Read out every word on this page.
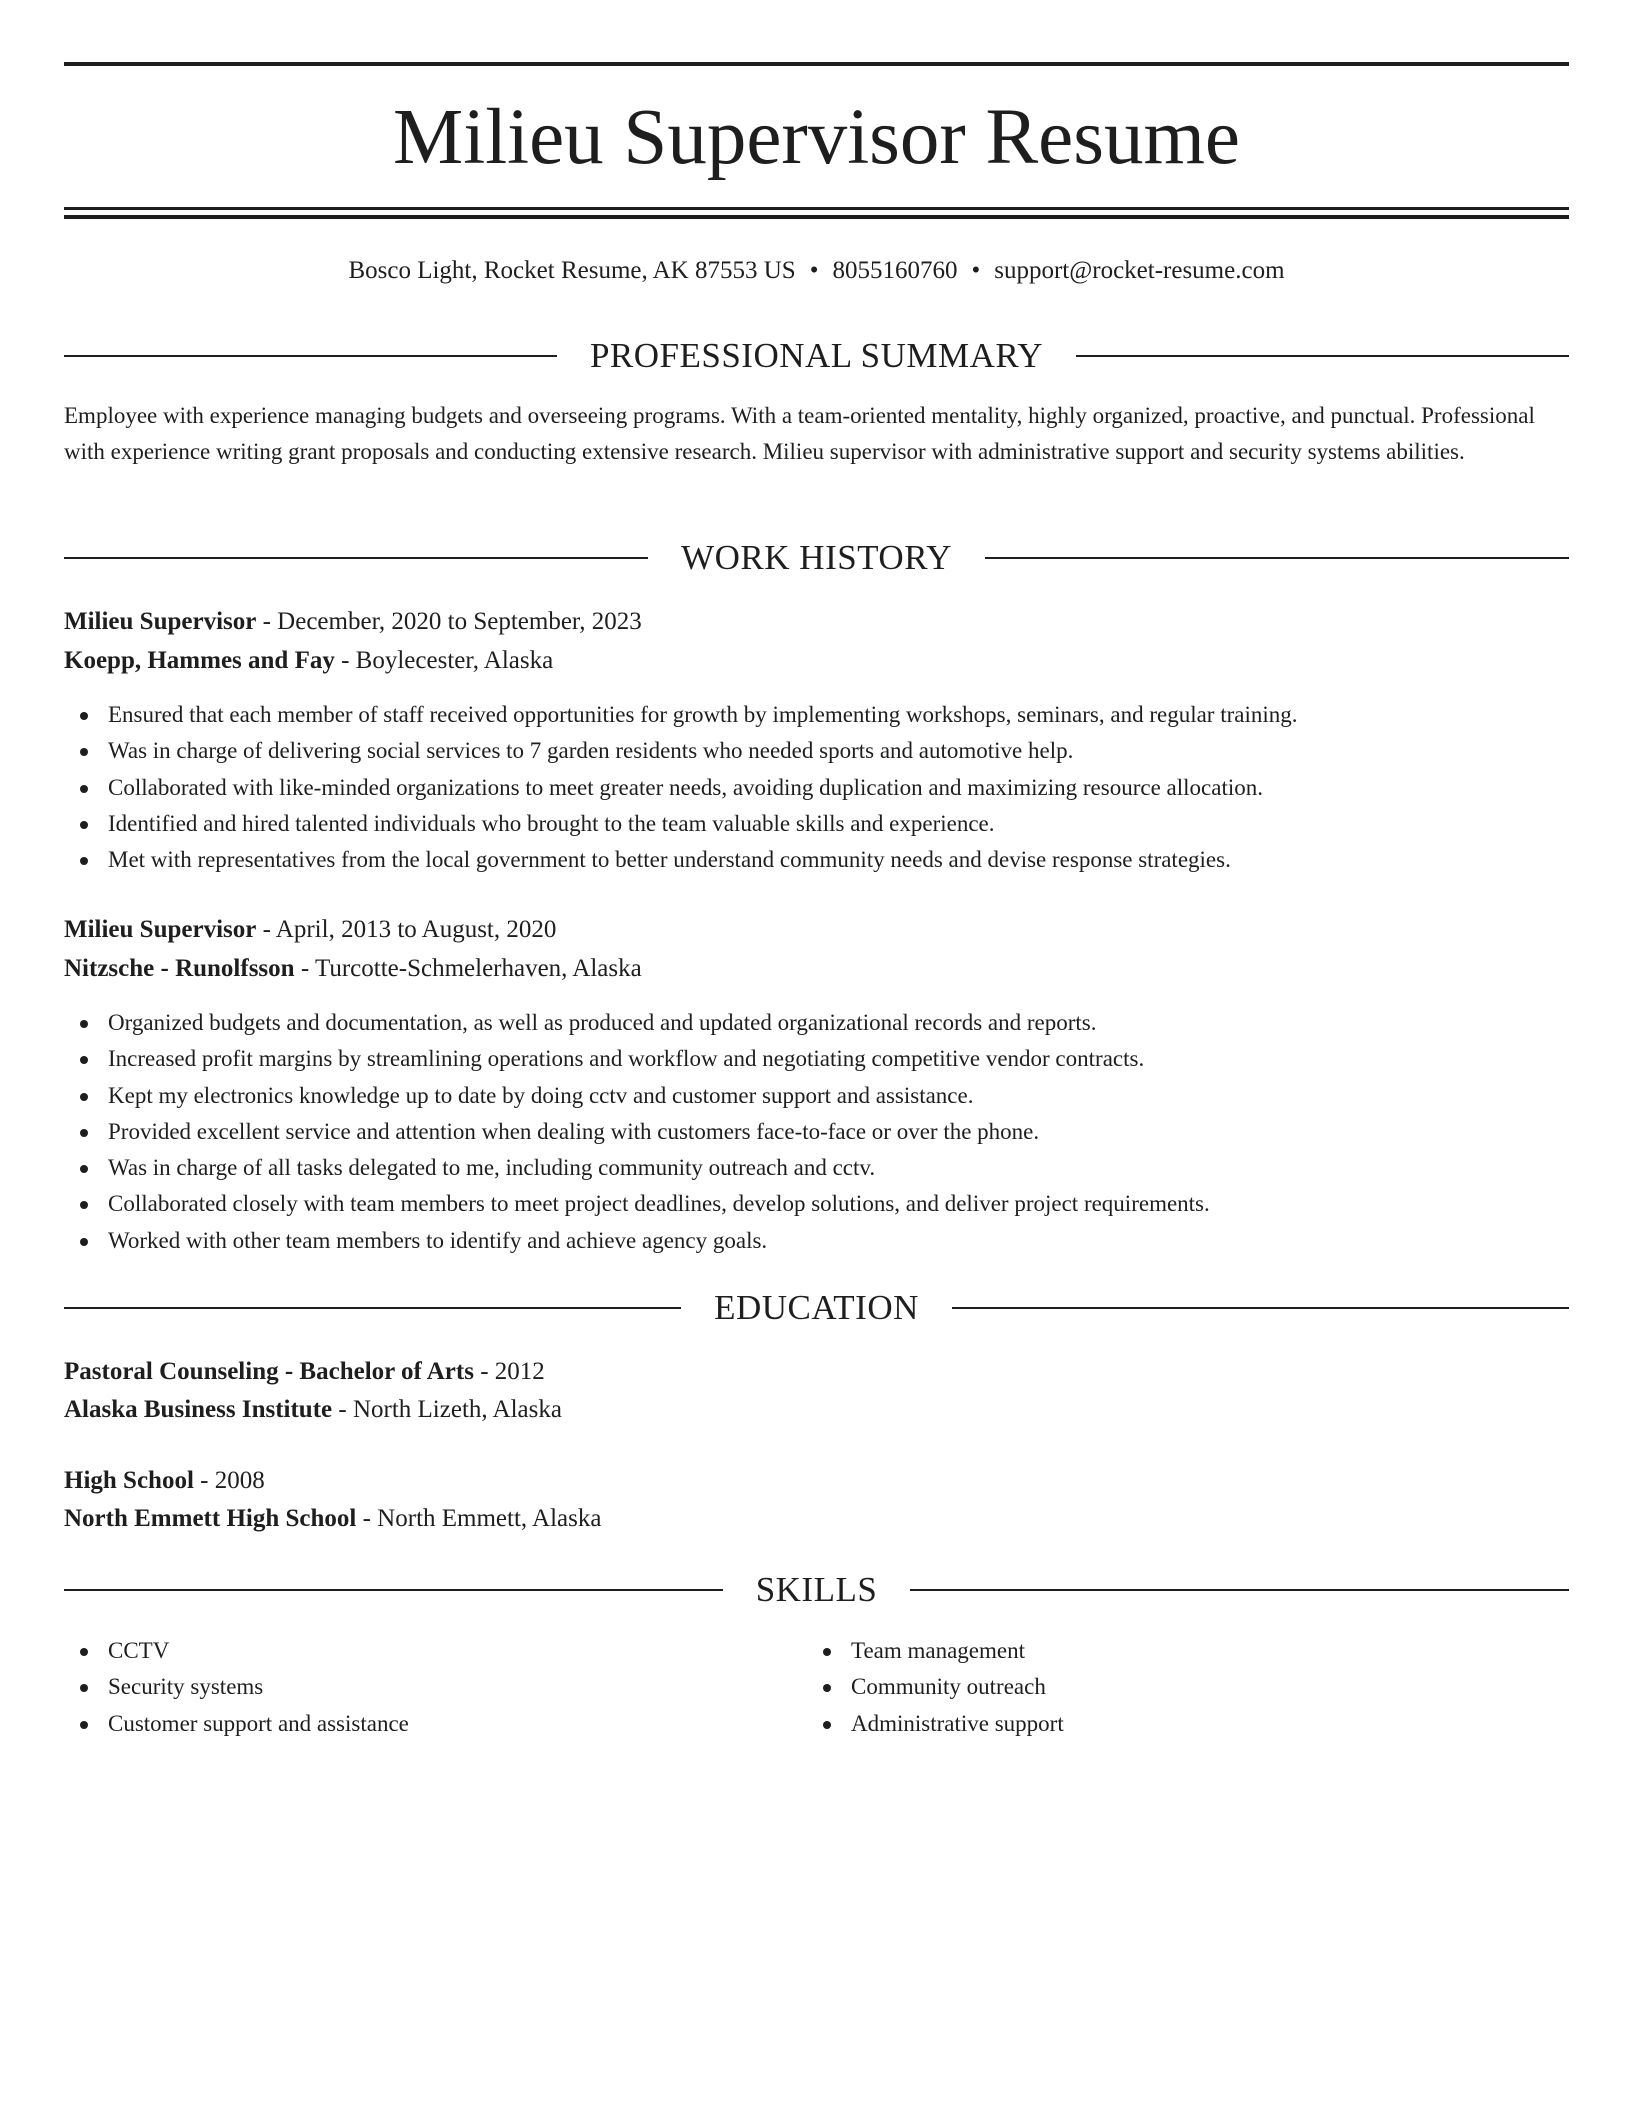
Milieu Supervisor Resume
Bosco Light, Rocket Resume, AK 87553 US • 8055160760 • support@rocket-resume.com
PROFESSIONAL SUMMARY

Employee with experience managing budgets and overseeing programs. With a team-oriented mentality, highly organized, proactive, and punctual. Professional with experience writing grant proposals and conducting extensive research. Milieu supervisor with administrative support and security systems abilities.

WORK HISTORY
Milieu Supervisor - December, 2020 to September, 2023
Koepp, Hammes and Fay - Boylecester, Alaska
Ensured that each member of staff received opportunities for growth by implementing workshops, seminars, and regular training.
Was in charge of delivering social services to 7 garden residents who needed sports and automotive help.
Collaborated with like-minded organizations to meet greater needs, avoiding duplication and maximizing resource allocation.
Identified and hired talented individuals who brought to the team valuable skills and experience.
Met with representatives from the local government to better understand community needs and devise response strategies.
Milieu Supervisor - April, 2013 to August, 2020
Nitzsche - Runolfsson - Turcotte-Schmelerhaven, Alaska
Organized budgets and documentation, as well as produced and updated organizational records and reports.
Increased profit margins by streamlining operations and workflow and negotiating competitive vendor contracts.
Kept my electronics knowledge up to date by doing cctv and customer support and assistance.
Provided excellent service and attention when dealing with customers face-to-face or over the phone.
Was in charge of all tasks delegated to me, including community outreach and cctv.
Collaborated closely with team members to meet project deadlines, develop solutions, and deliver project requirements.
Worked with other team members to identify and achieve agency goals.
EDUCATION
Pastoral Counseling - Bachelor of Arts - 2012
Alaska Business Institute - North Lizeth, Alaska
High School - 2008
North Emmett High School - North Emmett, Alaska
SKILLS
CCTV
Security systems
Customer support and assistance
Team management
Community outreach
Administrative support
